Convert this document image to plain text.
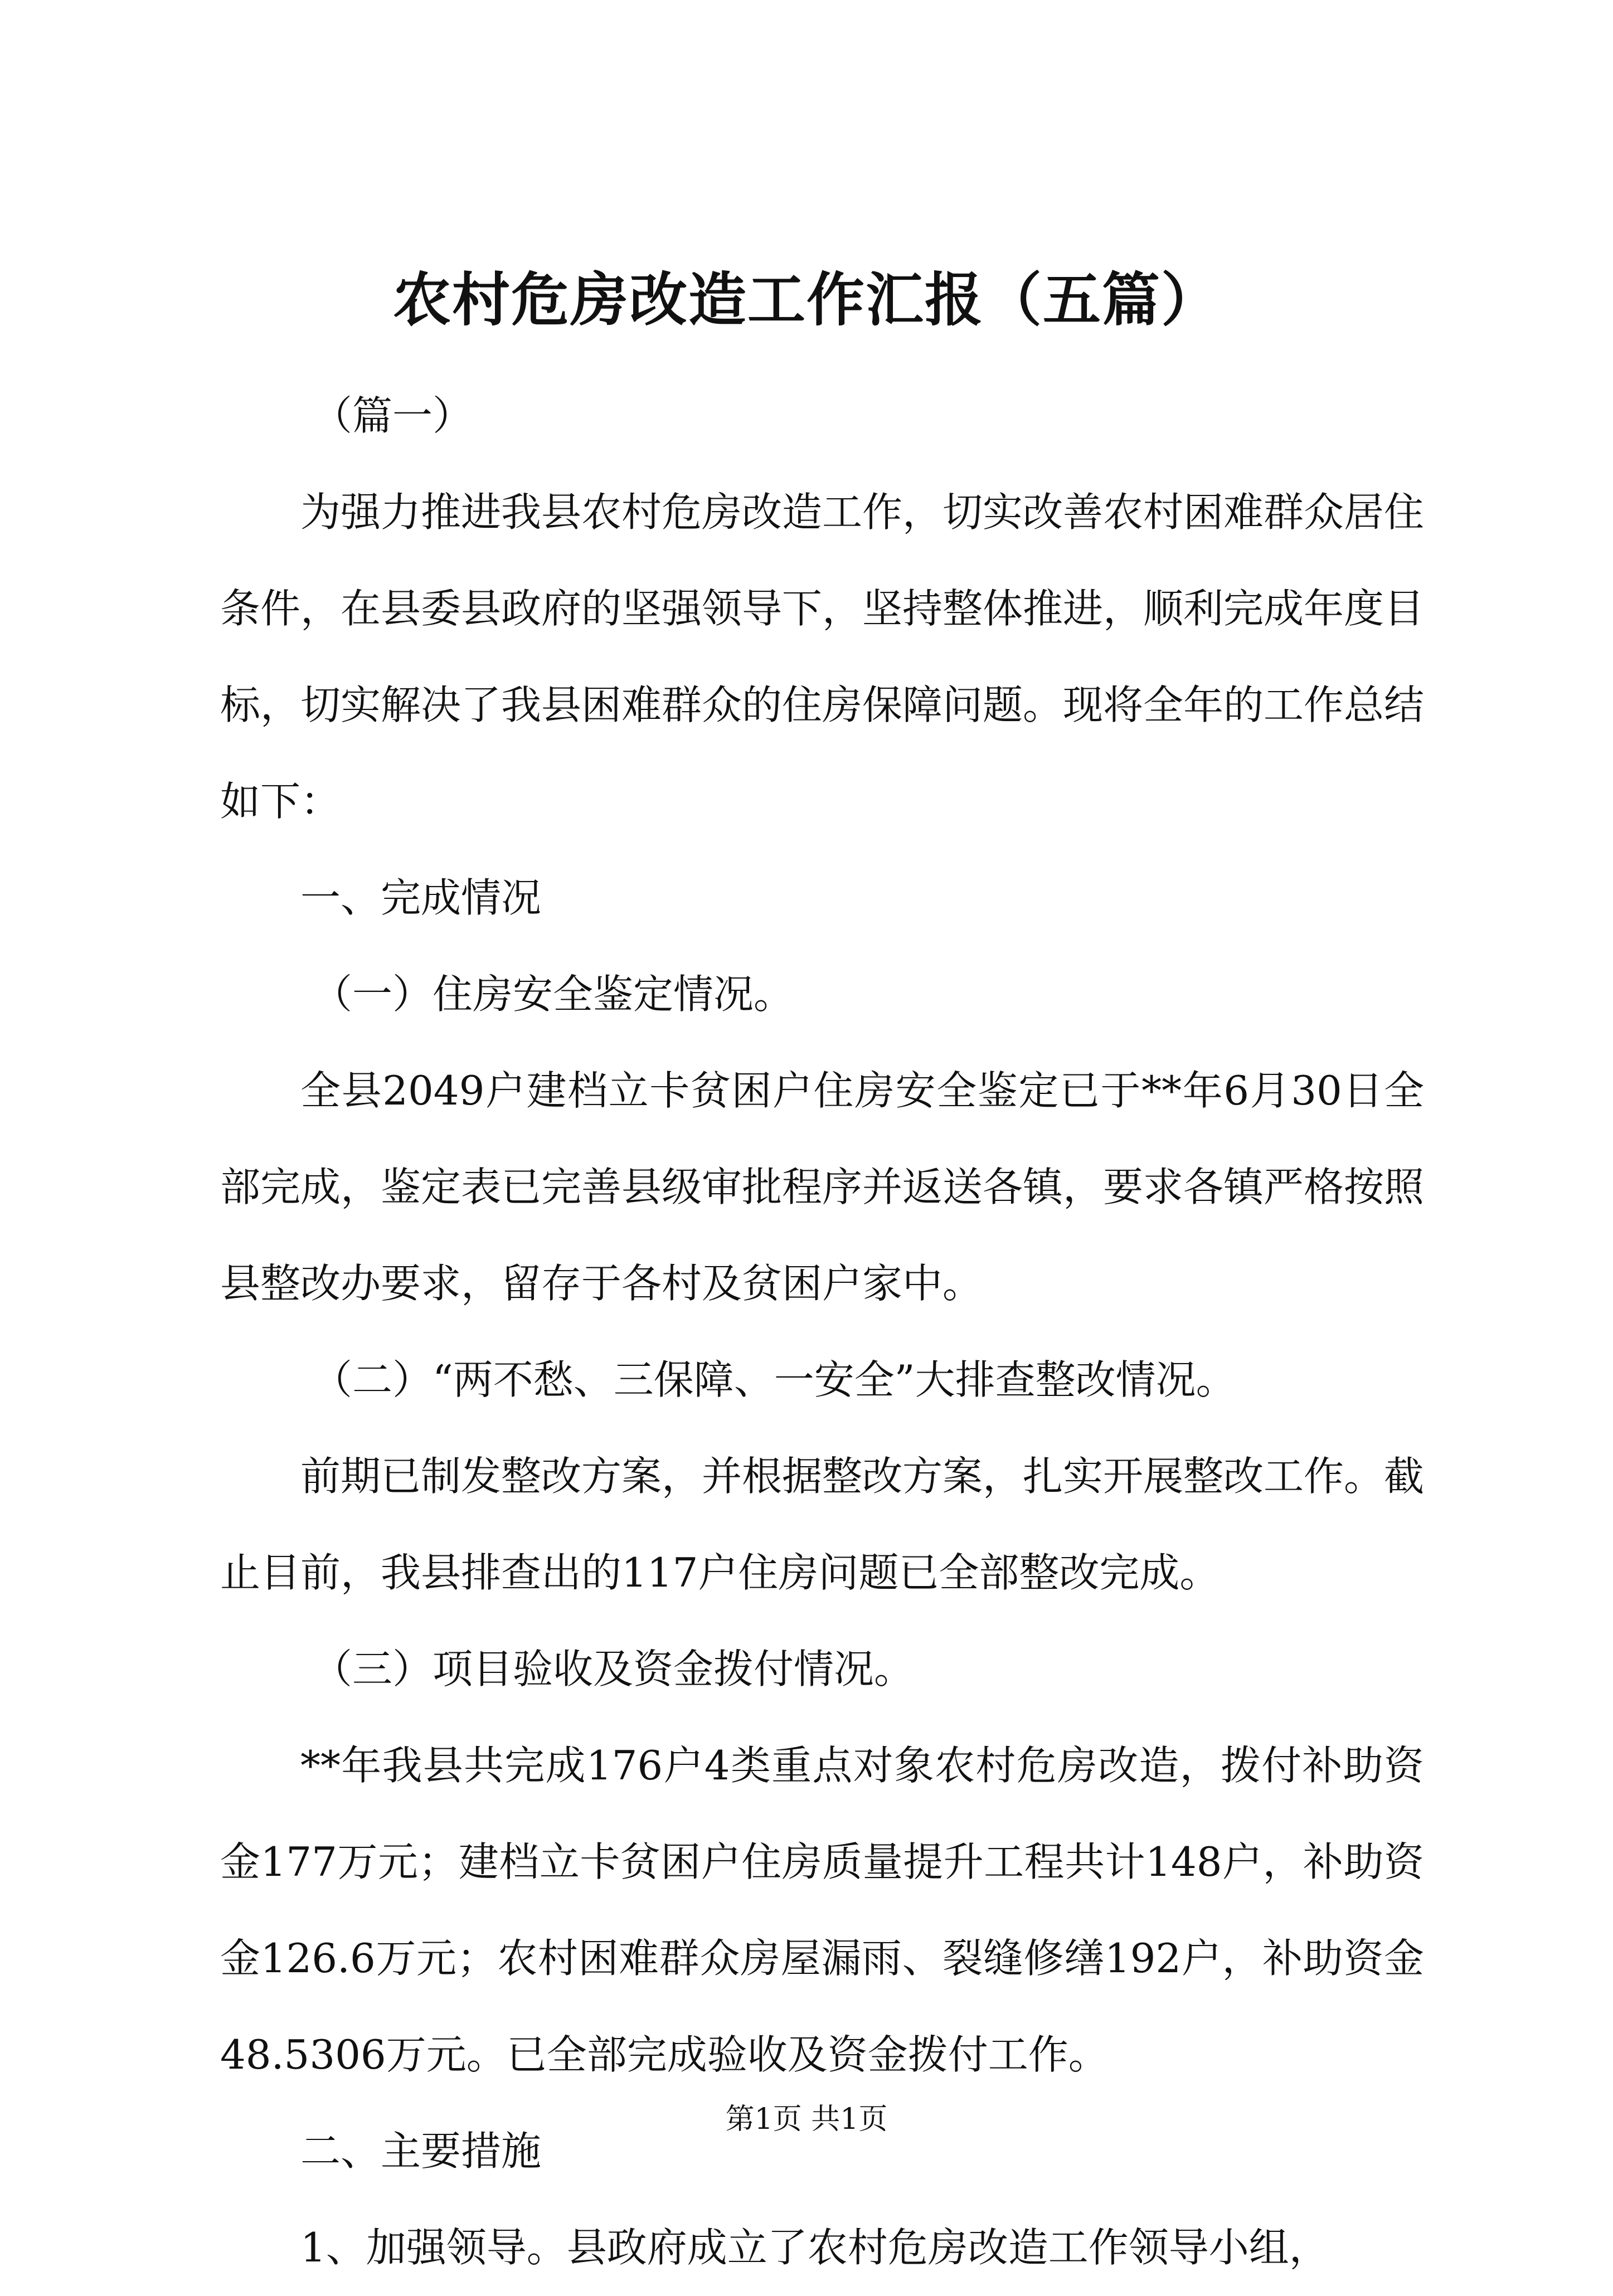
农村危房改造工作汇报（五篇）

（篇一）

为强力推进我县农村危房改造工作，切实改善农村困难群众居住条件，在县委县政府的坚强领导下，坚持整体推进，顺利完成年度目标，切实解决了我县困难群众的住房保障问题。现将全年的工作总结如下：

一、完成情况

（一）住房安全鉴定情况。

全县2049户建档立卡贫困户住房安全鉴定已于**年6月30日全部完成，鉴定表已完善县级审批程序并返送各镇，要求各镇严格按照县整改办要求，留存于各村及贫困户家中。

（二）“两不愁、三保障、一安全”大排查整改情况。

前期已制发整改方案，并根据整改方案，扎实开展整改工作。截止目前，我县排查出的117户住房问题已全部整改完成。

（三）项目验收及资金拨付情况。

**年我县共完成176户4类重点对象农村危房改造，拨付补助资金177万元；建档立卡贫困户住房质量提升工程共计148户，补助资金126.6万元；农村困难群众房屋漏雨、裂缝修缮192户，补助资金48.5306万元。已全部完成验收及资金拨付工作。

二、主要措施

1、加强领导。县政府成立了农村危房改造工作领导小组，

第1页 共1页
